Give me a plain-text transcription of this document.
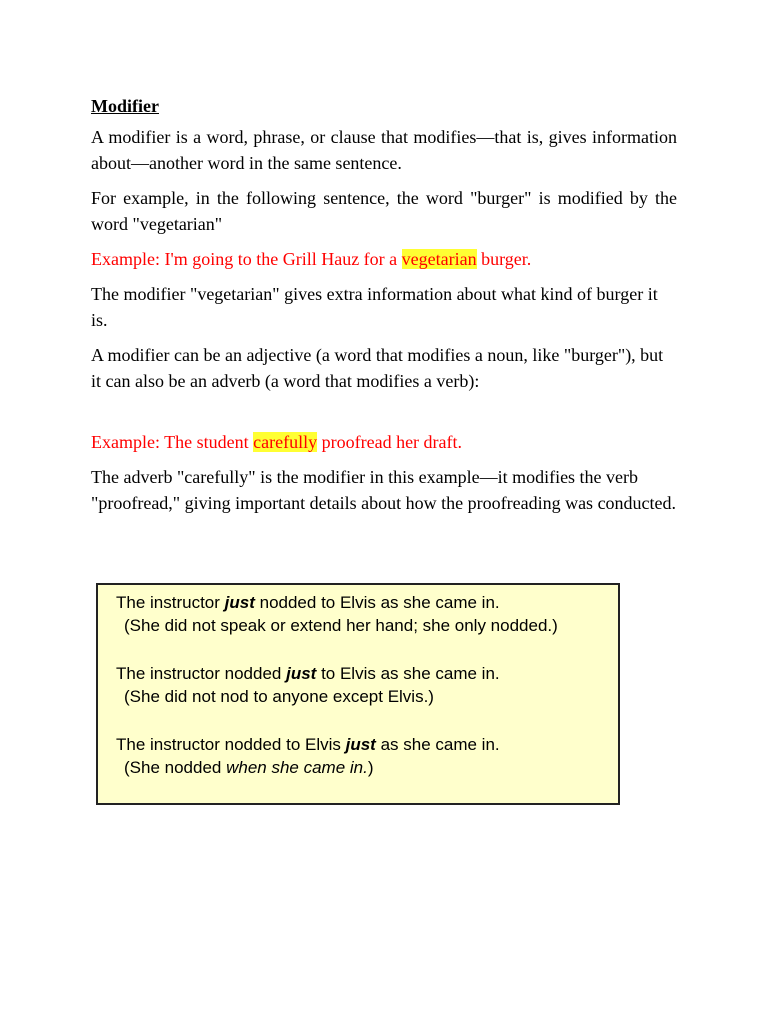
Modifier

A modifier is a word, phrase, or clause that modifies—that is, gives information about—another word in the same sentence.

For example, in the following sentence, the word "burger" is modified by the word "vegetarian"

Example: I'm going to the Grill Hauz for a vegetarian burger.

The modifier "vegetarian" gives extra information about what kind of burger it is.

A modifier can be an adjective (a word that modifies a noun, like "burger"), but it can also be an adverb (a word that modifies a verb):

Example: The student carefully proofread her draft.

The adverb "carefully" is the modifier in this example—it modifies the verb "proofread," giving important details about how the proofreading was conducted.

The instructor just nodded to Elvis as she came in.
(She did not speak or extend her hand; she only nodded.)
The instructor nodded just to Elvis as she came in.
(She did not nod to anyone except Elvis.)
The instructor nodded to Elvis just as she came in.
(She nodded when she came in.)
